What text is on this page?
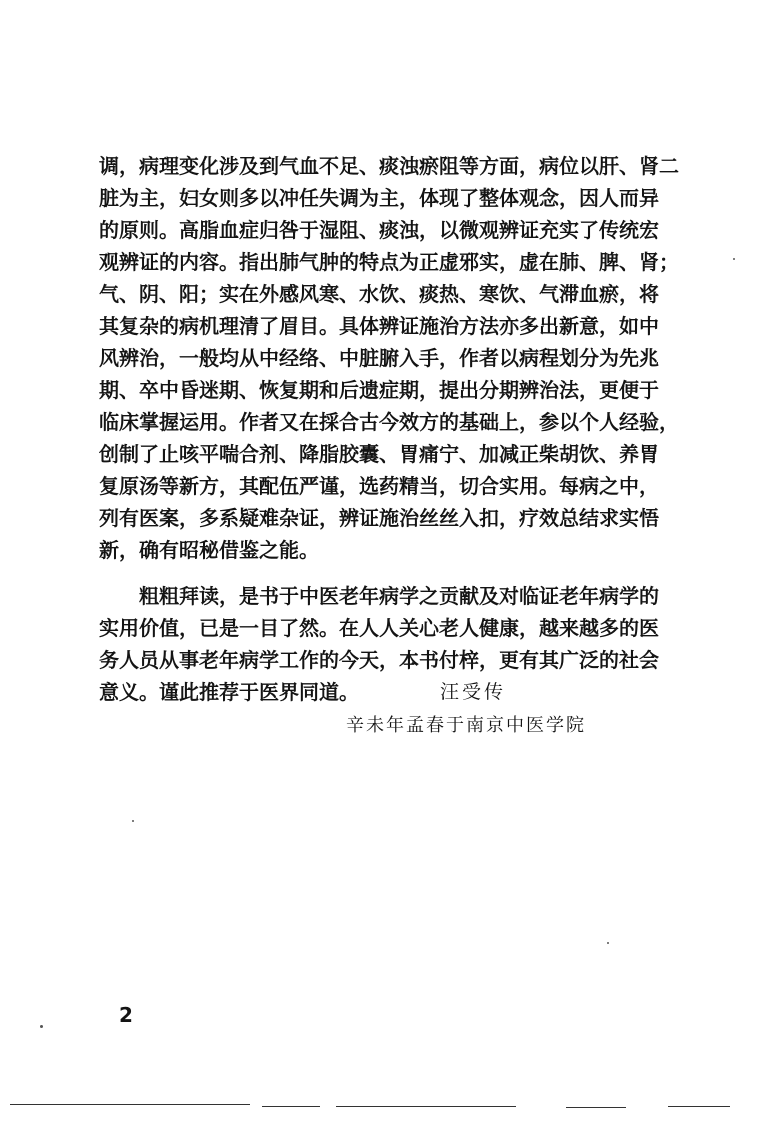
调，病理变化涉及到气血不足、痰浊瘀阻等方面，病位以肝、肾二
脏为主，妇女则多以冲任失调为主，体现了整体观念，因人而异
的原则。高脂血症归咎于湿阻、痰浊，以微观辨证充实了传统宏
观辨证的内容。指出肺气肿的特点为正虚邪实，虚在肺、脾、肾；
气、阴、阳；实在外感风寒、水饮、痰热、寒饮、气滞血瘀，将
其复杂的病机理清了眉目。具体辨证施治方法亦多出新意，如中
风辨治，一般均从中经络、中脏腑入手，作者以病程划分为先兆
期、卒中昏迷期、恢复期和后遗症期，提出分期辨治法，更便于
临床掌握运用。作者又在採合古今效方的基础上，参以个人经验，
创制了止咳平喘合剂、降脂胶囊、胃痛宁、加减正柴胡饮、养胃
复原汤等新方，其配伍严谨，选药精当，切合实用。每病之中，
列有医案，多系疑难杂证，辨证施治丝丝入扣，疗效总结求实悟
新，确有昭秘借鉴之能。
粗粗拜读，是书于中医老年病学之贡献及对临证老年病学的
实用价值，已是一目了然。在人人关心老人健康，越来越多的医
务人员从事老年病学工作的今天，本书付梓，更有其广泛的社会
意义。谨此推荐于医界同道。	汪受传
辛未年孟春于南京中医学院
2
